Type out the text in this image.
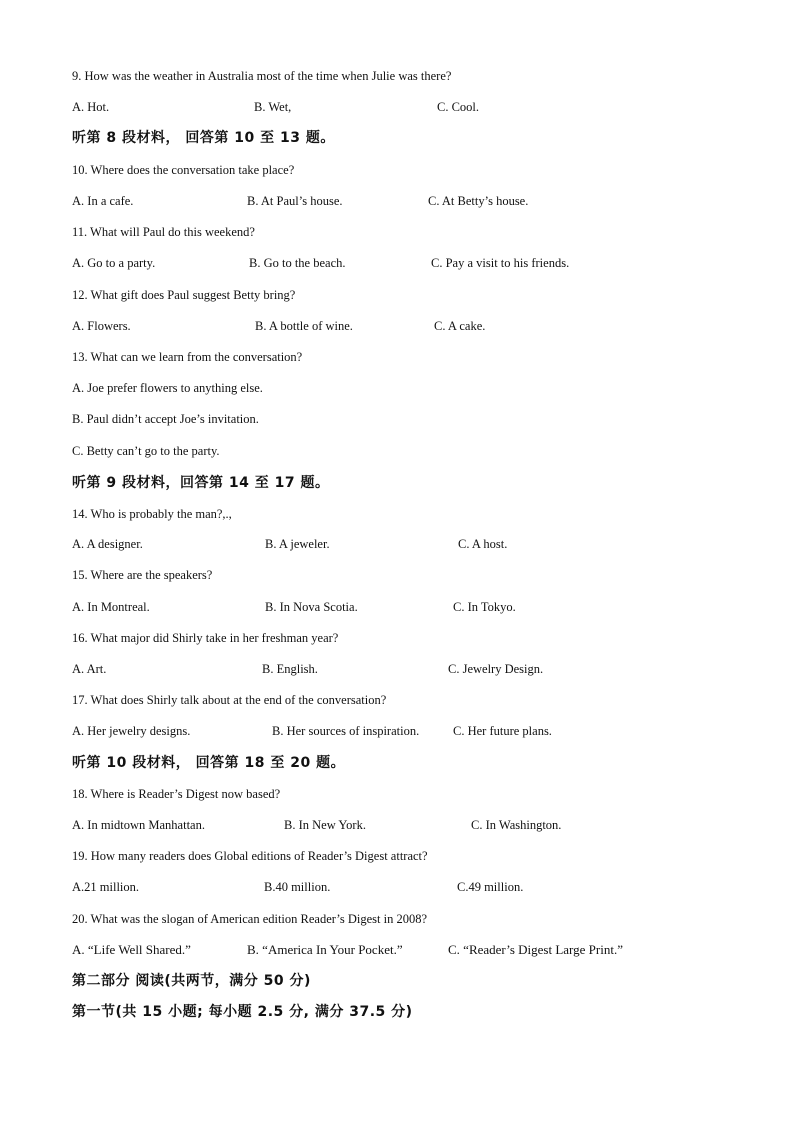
9. How was the weather in Australia most of the time when Julie was there?
A. Hot.	B. Wet,	C. Cool.
听第 8 段材料， 回答第 10 至 13 题。
10. Where does the conversation take place?
A. In a cafe.	B. At Paul’s house.	C. At Betty’s house.
11. What will Paul do this weekend?
A. Go to a party.	B. Go to the beach.	C. Pay a visit to his friends.
12. What gift does Paul suggest Betty bring?
A. Flowers.	B. A bottle of wine.	C. A cake.
13. What can we learn from the conversation?
A. Joe prefer flowers to anything else.
B. Paul didn’t accept Joe’s invitation.
C. Betty can’t go to the party.
听第 9 段材料，回答第 14 至 17 题。
14. Who is probably the man?,.,
A. A designer.	B. A jeweler.	C. A host.
15. Where are the speakers?
A. In Montreal.	B. In Nova Scotia.	C. In Tokyo.
16. What major did Shirly take in her freshman year?
A. Art.	B. English.	C. Jewelry Design.
17. What does Shirly talk about at the end of the conversation?
A. Her jewelry designs.	B. Her sources of inspiration.	C. Her future plans.
听第 10 段材料， 回答第 18 至 20 题。
18. Where is Reader’s Digest now based?
A. In midtown Manhattan.	B. In New York.	C. In Washington.
19. How many readers does Global editions of Reader’s Digest attract?
A.21 million.	B.40 million.	C.49 million.
20. What was the slogan of American edition Reader’s Digest in 2008?
A. “Life Well Shared.”	B. “America In Your Pocket.”	C. “Reader’s Digest Large Print.”
第二部分 阅读(共两节，满分 50 分)
第一节(共 15 小题; 每小题 2.5 分, 满分 37.5 分)
